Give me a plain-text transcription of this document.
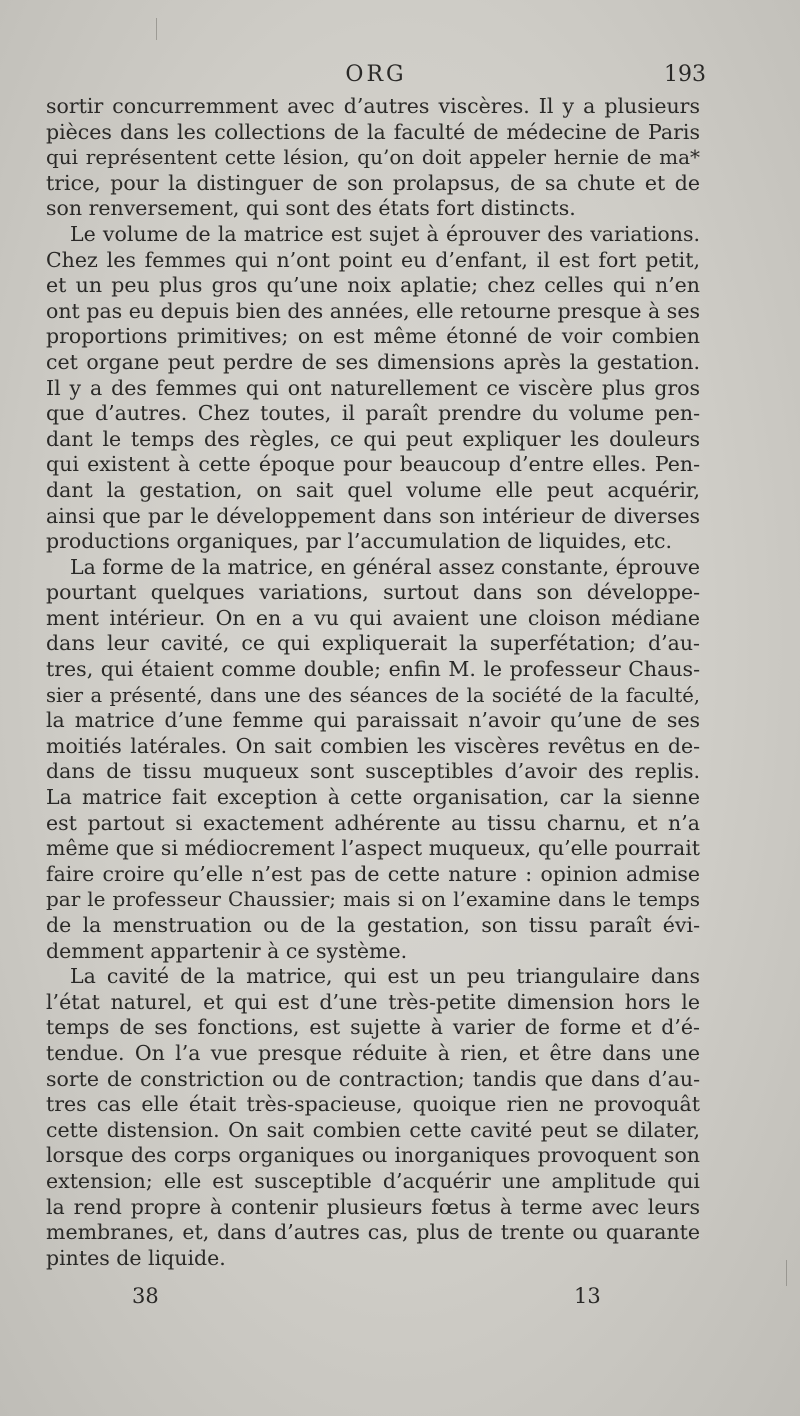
ORG	193
sortir concurremment avec d’autres viscères. Il y a plusieurs
pièces dans les collections de la faculté de médecine de Paris
qui représentent cette lésion, qu’on doit appeler hernie de ma*
trice, pour la distinguer de son prolapsus, de sa chute et de
son renversement, qui sont des états fort distincts.
Le volume de la matrice est sujet à éprouver des variations.
Chez les femmes qui n’ont point eu d’enfant, il est fort petit,
et un peu plus gros qu’une noix aplatie; chez celles qui n’en
ont pas eu depuis bien des années, elle retourne presque à ses
proportions primitives; on est même étonné de voir combien
cet organe peut perdre de ses dimensions après la gestation.
Il y a des femmes qui ont naturellement ce viscère plus gros
que d’autres. Chez toutes, il paraît prendre du volume pen-
dant le temps des règles, ce qui peut expliquer les douleurs
qui existent à cette époque pour beaucoup d’entre elles. Pen-
dant la gestation, on sait quel volume elle peut acquérir,
ainsi que par le développement dans son intérieur de diverses
productions organiques, par l’accumulation de liquides, etc.
La forme de la matrice, en général assez constante, éprouve
pourtant quelques variations, surtout dans son développe-
ment intérieur. On en a vu qui avaient une cloison médiane
dans leur cavité, ce qui expliquerait la superfétation; d’au-
tres, qui étaient comme double; enfin M. le professeur Chaus-
sier a présenté, dans une des séances de la société de la faculté,
la matrice d’une femme qui paraissait n’avoir qu’une de ses
moitiés latérales. On sait combien les viscères revêtus en de-
dans de tissu muqueux sont susceptibles d’avoir des replis.
La matrice fait exception à cette organisation, car la sienne
est partout si exactement adhérente au tissu charnu, et n’a
même que si médiocrement l’aspect muqueux, qu’elle pourrait
faire croire qu’elle n’est pas de cette nature : opinion admise
par le professeur Chaussier; mais si on l’examine dans le temps
de la menstruation ou de la gestation, son tissu paraît évi-
demment appartenir à ce système.
La cavité de la matrice, qui est un peu triangulaire dans
l’état naturel, et qui est d’une très-petite dimension hors le
temps de ses fonctions, est sujette à varier de forme et d’é-
tendue. On l’a vue presque réduite à rien, et être dans une
sorte de constriction ou de contraction; tandis que dans d’au-
tres cas elle était très-spacieuse, quoique rien ne provoquât
cette distension. On sait combien cette cavité peut se dilater,
lorsque des corps organiques ou inorganiques provoquent son
extension; elle est susceptible d’acquérir une amplitude qui
la rend propre à contenir plusieurs fœtus à terme avec leurs
membranes, et, dans d’autres cas, plus de trente ou quarante
pintes de liquide.
38	13
